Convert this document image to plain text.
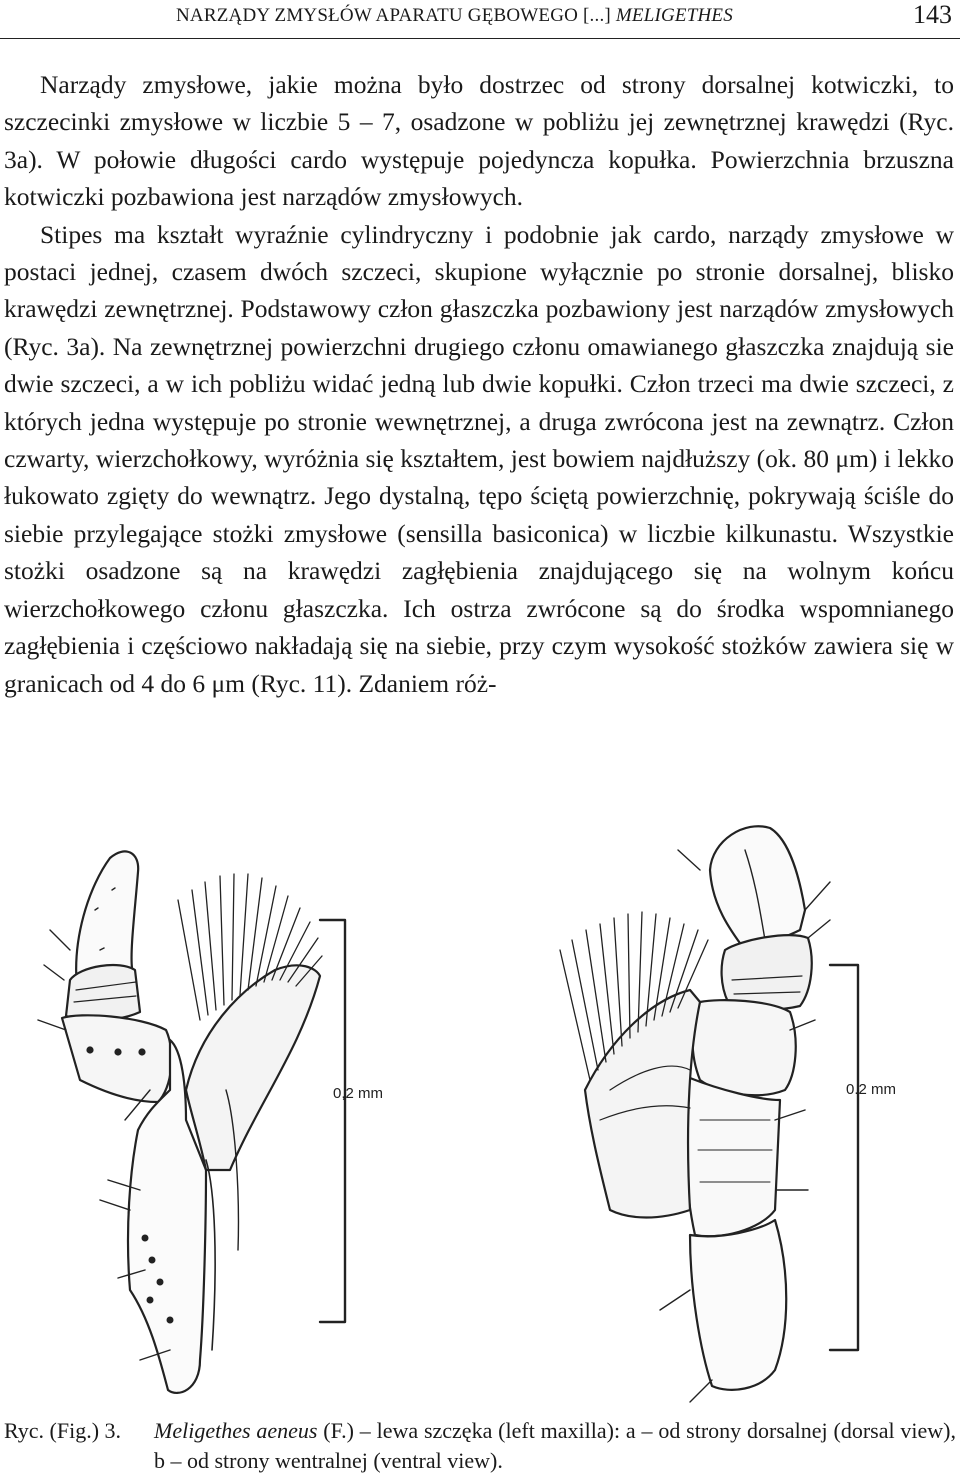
NARZĄDY ZMYSŁÓW APARATU GĘBOWEGO [...] MELIGETHES	143

Narządy zmysłowe, jakie można było dostrzec od strony dorsalnej kotwiczki, to szczecinki zmysłowe w liczbie 5 – 7, osadzone w pobliżu jej zewnętrznej krawędzi (Ryc. 3a). W połowie długości cardo występuje pojedyncza kopułka. Powierzchnia brzuszna kotwiczki pozbawiona jest narządów zmysłowych.

Stipes ma kształt wyraźnie cylindryczny i podobnie jak cardo, narządy zmysłowe w postaci jednej, czasem dwóch szczeci, skupione wyłącznie po stronie dorsalnej, blisko krawędzi zewnętrznej. Podstawowy człon głaszczka pozbawiony jest narządów zmysłowych (Ryc. 3a). Na zewnętrznej powierzchni drugiego członu omawianego głaszczka znajdują sie dwie szczeci, a w ich pobliżu widać jedną lub dwie kopułki. Człon trzeci ma dwie szczeci, z których jedna występuje po stronie wewnętrznej, a druga zwrócona jest na zewnątrz. Człon czwarty, wierzchołkowy, wyróżnia się kształtem, jest bowiem najdłuższy (ok. 80 μm) i lekko łukowato zgięty do wewnątrz. Jego dystalną, tępo ściętą powierzchnię, pokrywają ściśle do siebie przylegające stożki zmysłowe (sensilla basiconica) w liczbie kilkunastu. Wszystkie stożki osadzone są na krawędzi zagłębienia znajdującego się na wolnym końcu wierzchołkowego członu głaszczka. Ich ostrza zwrócone są do środka wspomnianego zagłębienia i częściowo nakładają się na siebie, przy czym wysokość stożków zawiera się w granicach od 4 do 6 μm (Ryc. 11). Zdaniem róż-

0,2 mm	0.2 mm
Ryc. (Fig.) 3.	Meligethes aeneus (F.) – lewa szczęka (left maxilla): a – od strony dorsalnej (dorsal view), b – od strony wentralnej (ventral view).
